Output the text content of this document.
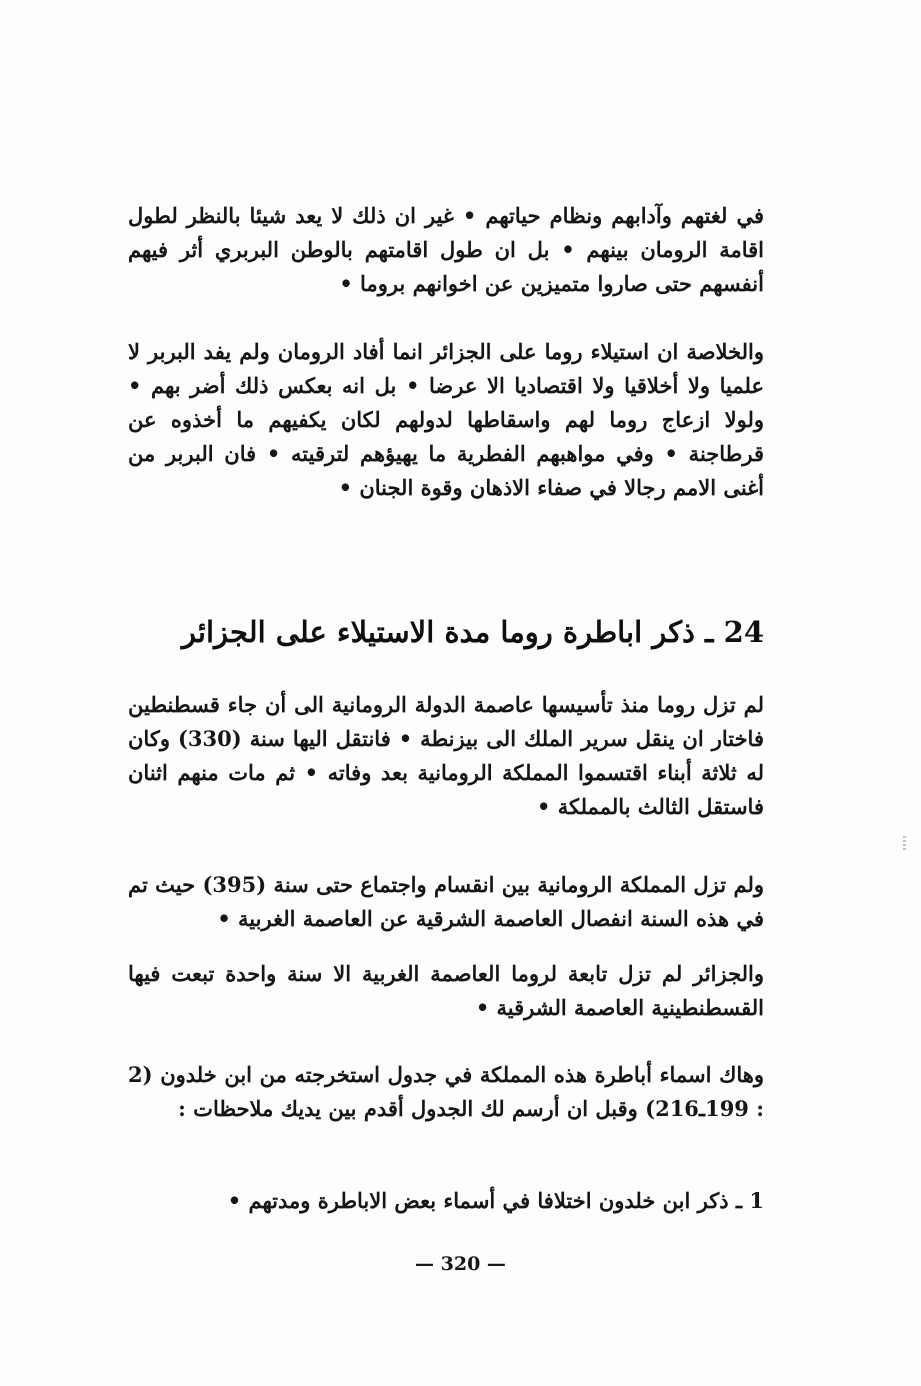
في لغتهم وآدابهم ونظام حياتهم • غير ان ذلك لا يعد شيئا بالنظر لطول اقامة الرومان بينهم • بل ان طول اقامتهم بالوطن البربري أثر فيهم أنفسهم حتى صاروا متميزين عن اخوانهم بروما •

والخلاصة ان استيلاء روما على الجزائر انما أفاد الرومان ولم يفد البربر لا علميا ولا أخلاقيا ولا اقتصاديا الا عرضا • بل انه بعكس ذلك أضر بهم • ولولا ازعاج روما لهم واسقاطها لدولهم لكان يكفيهم ما أخذوه عن قرطاجنة • وفي مواهبهم الفطرية ما يهيؤهم لترقيته • فان البربر من أغنى الامم رجالا في صفاء الاذهان وقوة الجنان •

24 ـ ذكر اباطرة روما مدة الاستيلاء على الجزائر

لم تزل روما منذ تأسيسها عاصمة الدولة الرومانية الى أن جاء قسطنطين فاختار ان ينقل سرير الملك الى بيزنطة • فانتقل اليها سنة (330) وكان له ثلاثة أبناء اقتسموا المملكة الرومانية بعد وفاته • ثم مات منهم اثنان فاستقل الثالث بالمملكة •

ولم تزل المملكة الرومانية بين انقسام واجتماع حتى سنة (395) حيث تم في هذه السنة انفصال العاصمة الشرقية عن العاصمة الغربية •

والجزائر لم تزل تابعة لروما العاصمة الغربية الا سنة واحدة تبعت فيها القسطنطينية العاصمة الشرقية •

وهاك اسماء أباطرة هذه المملكة في جدول استخرجته من ابن خلدون (2 : 199ـ216) وقبل ان أرسم لك الجدول أقدم بين يديك ملاحظات :

1 ـ ذكر ابن خلدون اختلافا في أسماء بعض الاباطرة ومدتهم •

— 320 —
